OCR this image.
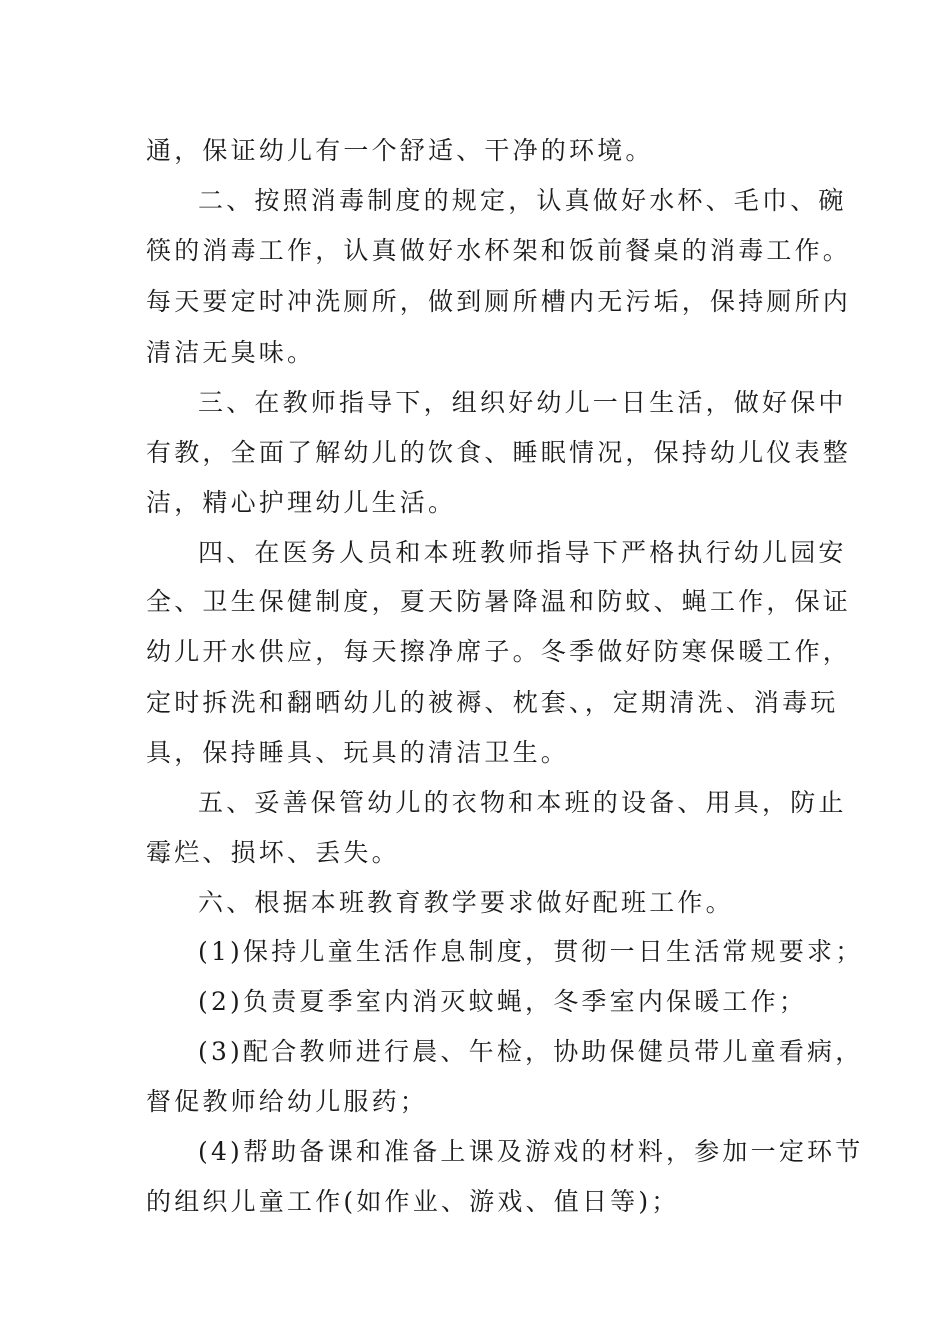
通，保证幼儿有一个舒适、干净的环境。
二、按照消毒制度的规定，认真做好水杯、毛巾、碗
筷的消毒工作，认真做好水杯架和饭前餐桌的消毒工作。
每天要定时冲洗厕所，做到厕所槽内无污垢，保持厕所内
清洁无臭味。
三、在教师指导下，组织好幼儿一日生活，做好保中
有教，全面了解幼儿的饮食、睡眠情况，保持幼儿仪表整
洁，精心护理幼儿生活。
四、在医务人员和本班教师指导下严格执行幼儿园安
全、卫生保健制度，夏天防暑降温和防蚊、蝇工作，保证
幼儿开水供应，每天擦净席子。冬季做好防寒保暖工作，
定时拆洗和翻晒幼儿的被褥、枕套、，定期清洗、消毒玩
具，保持睡具、玩具的清洁卫生。
五、妥善保管幼儿的衣物和本班的设备、用具，防止
霉烂、损坏、丢失。
六、根据本班教育教学要求做好配班工作。
(1)保持儿童生活作息制度，贯彻一日生活常规要求；
(2)负责夏季室内消灭蚊蝇，冬季室内保暖工作；
(3)配合教师进行晨、午检，协助保健员带儿童看病，
督促教师给幼儿服药；
(4)帮助备课和准备上课及游戏的材料，参加一定环节
的组织儿童工作(如作业、游戏、值日等)；
